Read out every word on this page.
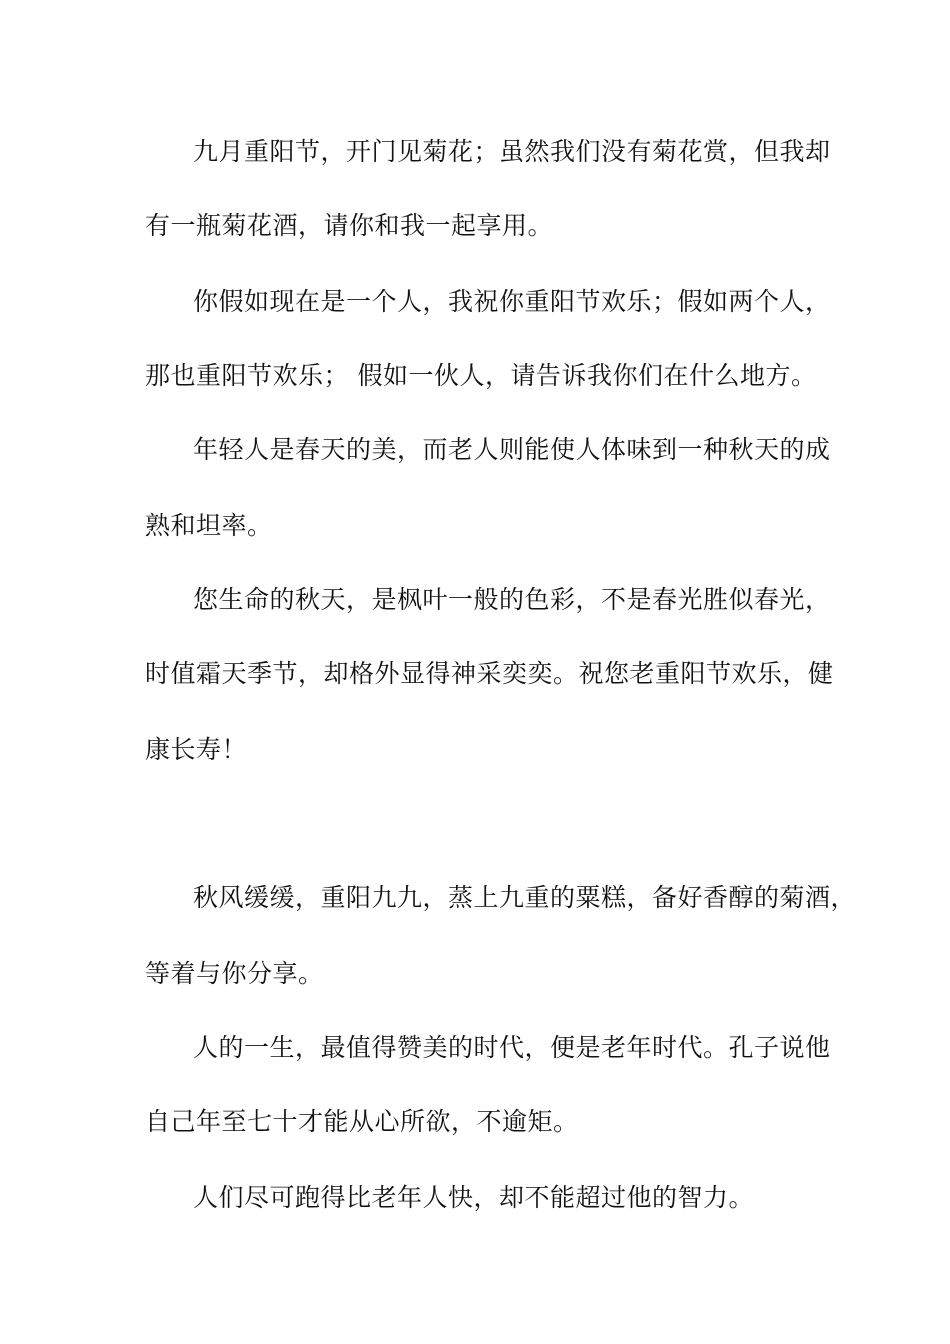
九月重阳节，开门见菊花；虽然我们没有菊花赏，但我却
有一瓶菊花酒，请你和我一起享用。
你假如现在是一个人，我祝你重阳节欢乐；假如两个人，
那也重阳节欢乐； 假如一伙人，请告诉我你们在什么地方。
年轻人是春天的美，而老人则能使人体味到一种秋天的成
熟和坦率。
您生命的秋天，是枫叶一般的色彩，不是春光胜似春光，
时值霜天季节，却格外显得神采奕奕。祝您老重阳节欢乐，健
康长寿！
秋风缓缓，重阳九九，蒸上九重的粟糕，备好香醇的菊酒，
等着与你分享。
人的一生，最值得赞美的时代，便是老年时代。孔子说他
自己年至七十才能从心所欲，不逾矩。
人们尽可跑得比老年人快，却不能超过他的智力。
